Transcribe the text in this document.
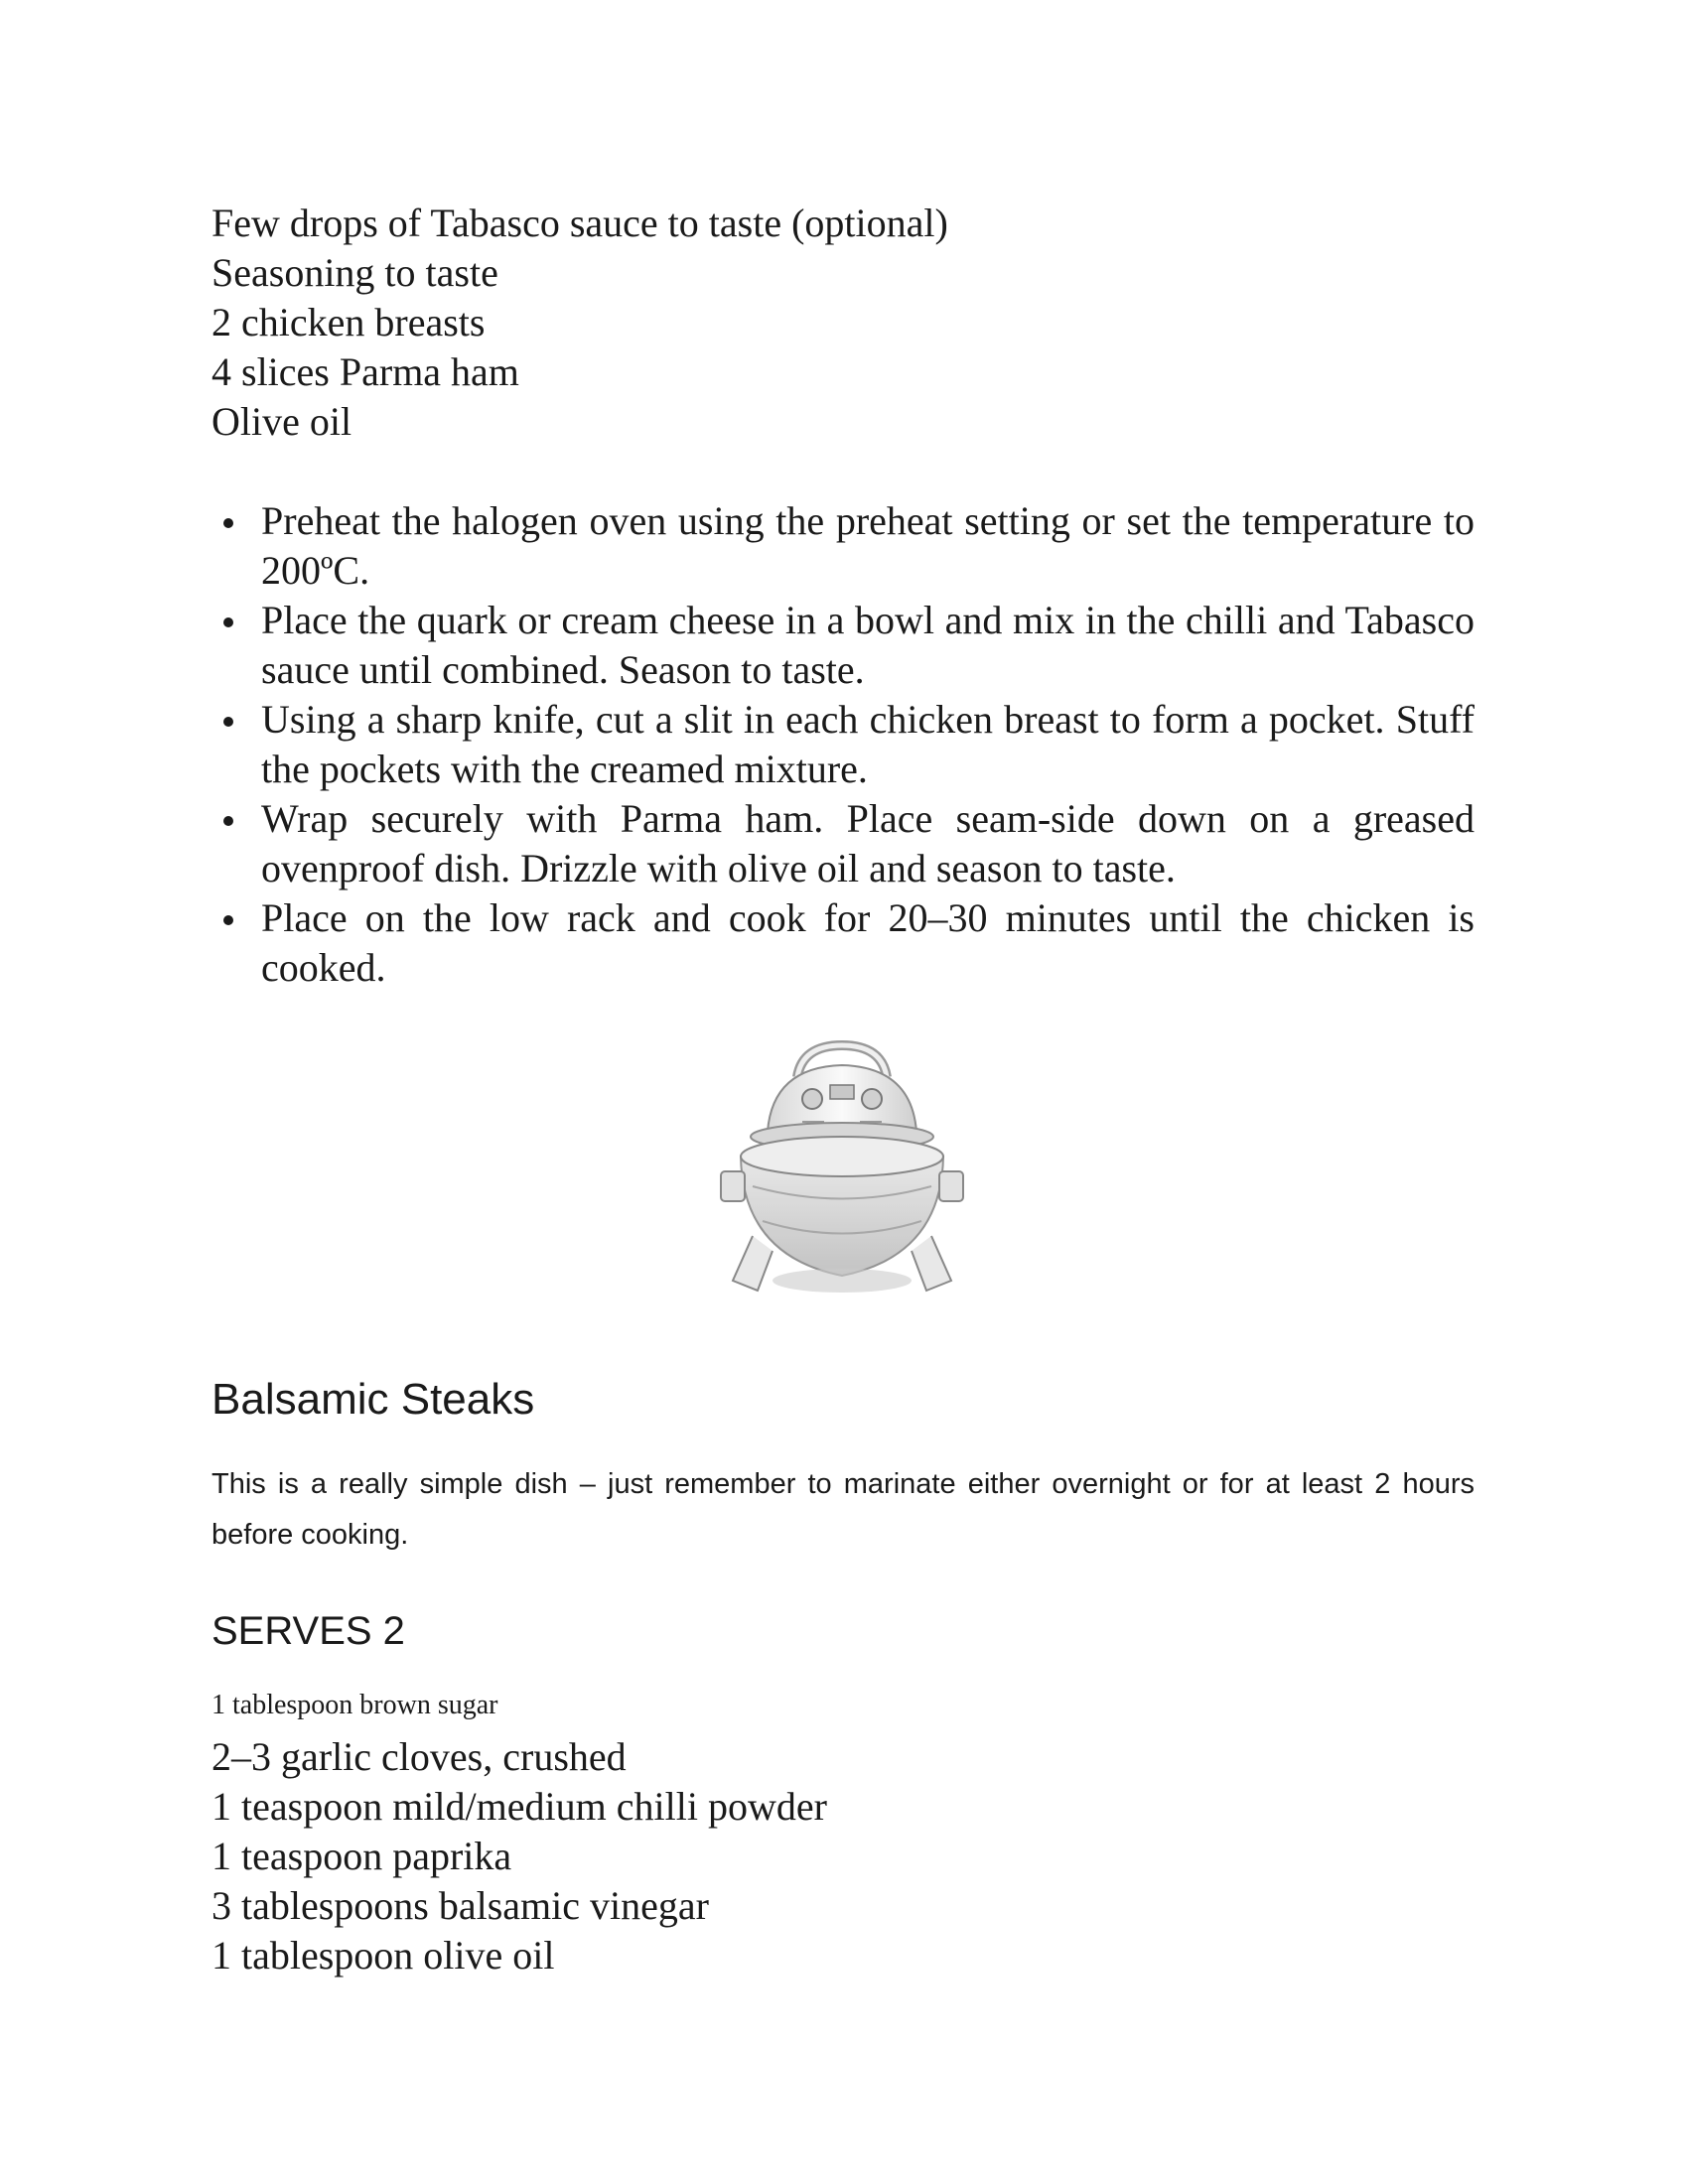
Few drops of Tabasco sauce to taste (optional)
Seasoning to taste
2 chicken breasts
4 slices Parma ham
Olive oil
Preheat the halogen oven using the preheat setting or set the temperature to 200ºC.
Place the quark or cream cheese in a bowl and mix in the chilli and Tabasco sauce until combined. Season to taste.
Using a sharp knife, cut a slit in each chicken breast to form a pocket. Stuff the pockets with the creamed mixture.
Wrap securely with Parma ham. Place seam-side down on a greased ovenproof dish. Drizzle with olive oil and season to taste.
Place on the low rack and cook for 20–30 minutes until the chicken is cooked.
Balsamic Steaks
This is a really simple dish – just remember to marinate either overnight or for at least 2 hours before cooking.
SERVES 2
1 tablespoon brown sugar
2–3 garlic cloves, crushed
1 teaspoon mild/medium chilli powder
1 teaspoon paprika
3 tablespoons balsamic vinegar
1 tablespoon olive oil
